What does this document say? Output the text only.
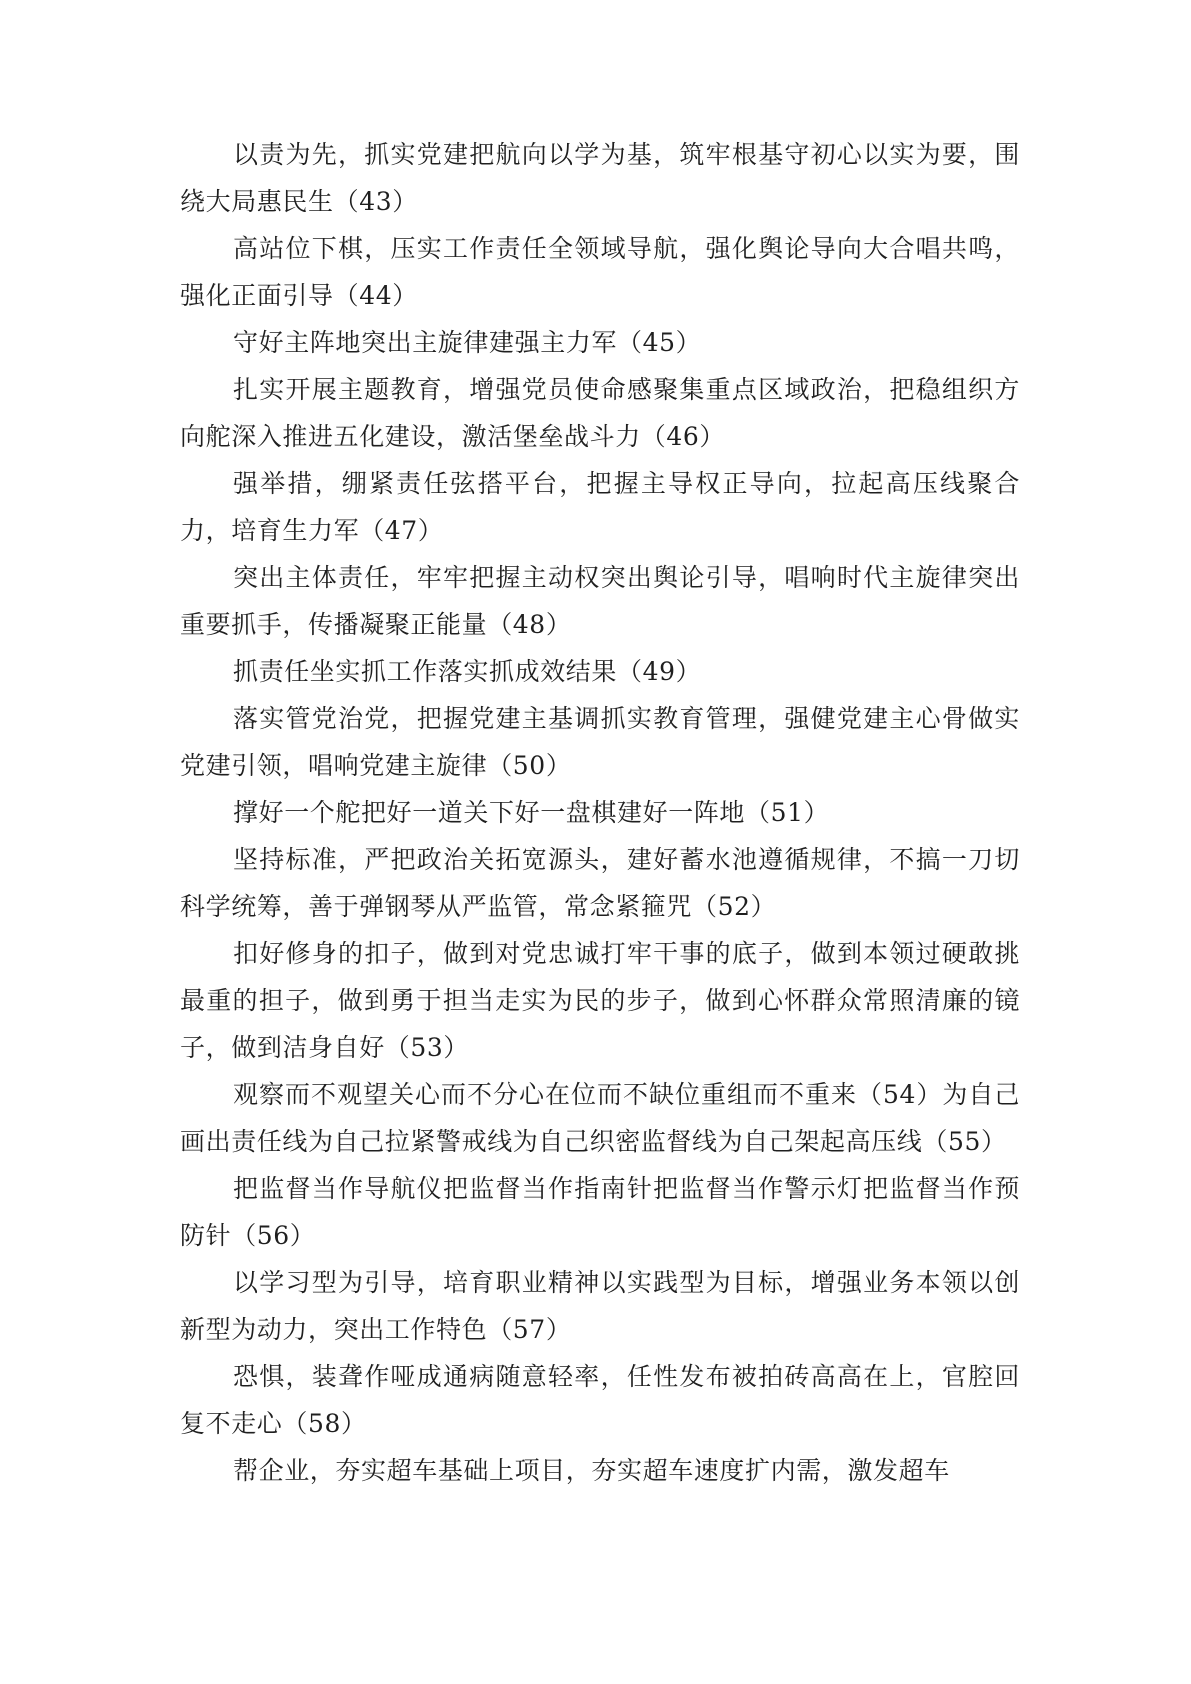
以责为先，抓实党建把航向以学为基，筑牢根基守初心以实为要，围绕大局惠民生（43）

高站位下棋，压实工作责任全领域导航，强化舆论导向大合唱共鸣，强化正面引导（44）

守好主阵地突出主旋律建强主力军（45）

扎实开展主题教育，增强党员使命感聚集重点区域政治，把稳组织方向舵深入推进五化建设，激活堡垒战斗力（46）

强举措，绷紧责任弦搭平台，把握主导权正导向，拉起高压线聚合力，培育生力军（47）

突出主体责任，牢牢把握主动权突出舆论引导，唱响时代主旋律突出重要抓手，传播凝聚正能量（48）

抓责任坐实抓工作落实抓成效结果（49）

落实管党治党，把握党建主基调抓实教育管理，强健党建主心骨做实党建引领，唱响党建主旋律（50）

撑好一个舵把好一道关下好一盘棋建好一阵地（51）

坚持标准，严把政治关拓宽源头，建好蓄水池遵循规律，不搞一刀切科学统筹，善于弹钢琴从严监管，常念紧箍咒（52）

扣好修身的扣子，做到对党忠诚打牢干事的底子，做到本领过硬敢挑最重的担子，做到勇于担当走实为民的步子，做到心怀群众常照清廉的镜子，做到洁身自好（53）

观察而不观望关心而不分心在位而不缺位重组而不重来（54）为自己画出责任线为自己拉紧警戒线为自己织密监督线为自己架起高压线（55）

把监督当作导航仪把监督当作指南针把监督当作警示灯把监督当作预防针（56）

以学习型为引导，培育职业精神以实践型为目标，增强业务本领以创新型为动力，突出工作特色（57）

恐惧，装聋作哑成通病随意轻率，任性发布被拍砖高高在上，官腔回复不走心（58）

帮企业，夯实超车基础上项目，夯实超车速度扩内需，激发超车
